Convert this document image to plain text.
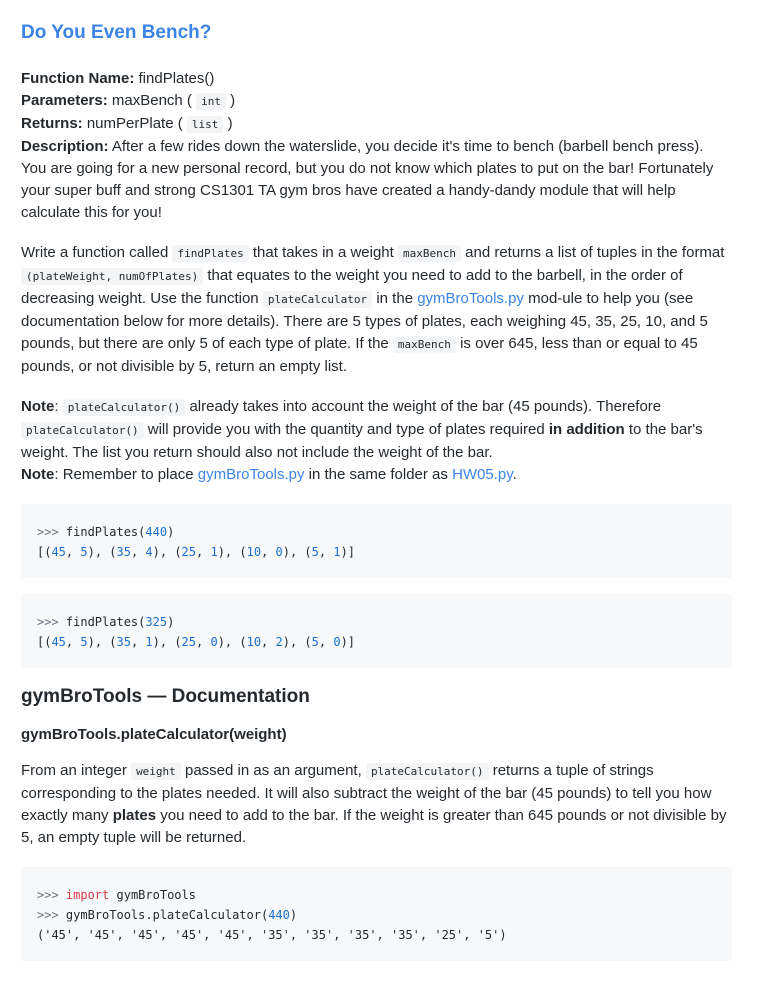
Do You Even Bench?

Function Name: findPlates()

Parameters: maxBench ( int )

Returns: numPerPlate ( list )

Description: After a few rides down the waterslide, you decide it's time to bench (barbell bench press). You are going for a new personal record, but you do not know which plates to put on the bar! Fortunately your super buff and strong CS1301 TA gym bros have created a handy-dandy module that will help calculate this for you!

Write a function called findPlates that takes in a weight maxBench and returns a list of tuples in the format (plateWeight, numOfPlates) that equates to the weight you need to add to the barbell, in the order of decreasing weight. Use the function plateCalculator in the gymBroTools.py mod-ule to help you (see documentation below for more details). There are 5 types of plates, each weighing 45, 35, 25, 10, and 5 pounds, but there are only 5 of each type of plate. If the maxBench is over 645, less than or equal to 45 pounds, or not divisible by 5, return an empty list.

Note: plateCalculator() already takes into account the weight of the bar (45 pounds). Therefore plateCalculator() will provide you with the quantity and type of plates required in addition to the bar's weight. The list you return should also not include the weight of the bar.

Note: Remember to place gymBroTools.py in the same folder as HW05.py.

>>> findPlates(440)
[(45, 5), (35, 4), (25, 1), (10, 0), (5, 1)]
>>> findPlates(325)
[(45, 5), (35, 1), (25, 0), (10, 2), (5, 0)]
gymBroTools — Documentation
gymBroTools.plateCalculator(weight)

From an integer weight passed in as an argument, plateCalculator() returns a tuple of strings corresponding to the plates needed. It will also subtract the weight of the bar (45 pounds) to tell you how exactly many plates you need to add to the bar. If the weight is greater than 645 pounds or not divisible by 5, an empty tuple will be returned.

>>> import gymBroTools
>>> gymBroTools.plateCalculator(440)
('45', '45', '45', '45', '45', '35', '35', '35', '35', '25', '5')
